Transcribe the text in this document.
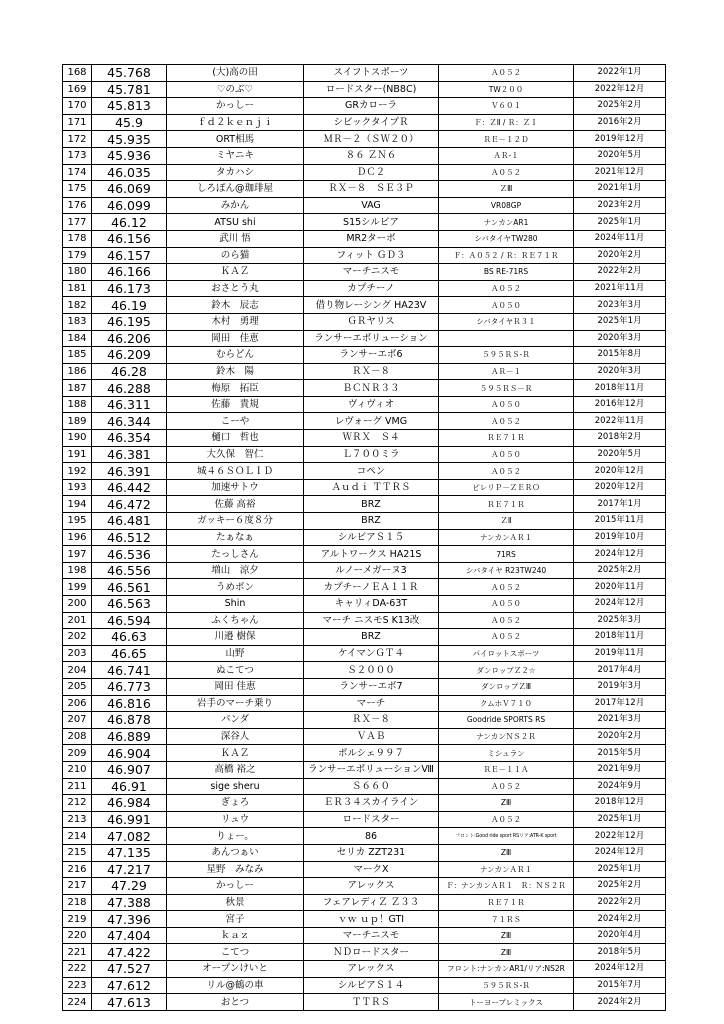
168	45.768	(大)高の田	スイフトスポーツ	Ａ０５２	2022年1月
169	45.781	♡のぶ♡	ロードスター(NB8C)	TW２００	2022年12月
170	45.813	かっしー	GRカローラ	Ｖ６０１	2025年2月
171	45.9	ｆｄ２ｋｅｎｊｉ	シビックタイプＲ	Ｆ：ＺⅡ / Ｒ：ＺＩ	2016年2月
172	45.935	ORT相馬	ＭＲ－２（ＳＷ２０）	ＲＥ－１２Ｄ	2019年12月
173	45.936	ミヤニキ	８６ ＺＮ６	ＡＲ-１	2020年5月
174	46.035	タカハシ	ＤＣ２	Ａ０５２	2021年12月
175	46.069	しろぽん@珈琲屋	ＲＸ－８　ＳＥ３Ｐ	ＺⅢ	2021年1月
176	46.099	みかん	VAG	VR08GP	2023年2月
177	46.12	ATSU shi	S15シルビア	ナンカンAR1	2025年1月
178	46.156	武川 悟	MR2ターボ	シバタイヤTW280	2024年11月
179	46.157	のら猫	フィット ＧＤ３	Ｆ：Ａ０５２ / Ｒ：ＲＥ７１Ｒ	2020年2月
180	46.166	ＫＡＺ	マーチニスモ	BS RE-71RS	2022年2月
181	46.173	おさとう丸	カプチーノ	Ａ０５２	2021年11月
182	46.19	鈴木　辰志	借り物レーシング HA23V	Ａ０５０	2023年3月
183	46.195	木村　勇理	ＧＲヤリス	シバタイヤＲ３１	2025年1月
184	46.206	岡田　佳恵	ランサーエボリューション		2020年3月
185	46.209	むらどん	ランサーエボ6	５９５ＲＳ-Ｒ	2015年8月
186	46.28	鈴木　陽	ＲＸ－８	ＡＲ－１	2020年3月
187	46.288	梅原　拓臣	ＢＣＮＲ３３	５９５ＲＳ－Ｒ	2018年11月
188	46.311	佐藤　貴規	ヴィヴィオ	Ａ０５０	2016年12月
189	46.344	こーや	レヴォーグ VMG	Ａ０５２	2022年11月
190	46.354	樋口　哲也	ＷＲＸ　Ｓ４	ＲＥ７１Ｒ	2018年2月
191	46.381	大久保　智仁	Ｌ７００ミラ	Ａ０５０	2020年5月
192	46.391	城４６ＳＯＬＩＤ	コペン	Ａ０５２	2020年12月
193	46.442	加速サトウ	Ａｕｄｉ ＴＴＲＳ	ピレリＰ－ＺＥＲＯ	2020年12月
194	46.472	佐藤 高裕	BRZ	ＲＥ７１Ｒ	2017年1月
195	46.481	ガッキー６度８分	BRZ	ＺⅡ	2015年11月
196	46.512	たぁなぁ	シルビアＳ１５	ナンカンＡＲ１	2019年10月
197	46.536	たっしさん	アルトワークス HA21S	71RS	2024年12月
198	46.556	増山　涼夕	ルノーメガーヌ3	シバタイヤ R23TW240	2025年2月
199	46.561	うめポン	カプチーノＥＡ１１Ｒ	Ａ０５２	2020年11月
200	46.563	Shin	キャリィDA-63T	Ａ０５０	2024年12月
201	46.594	ふくちゃん	マーチ ニスモS K13改	Ａ０５２	2025年3月
202	46.63	川邉 樹保	BRZ	Ａ０５２	2018年11月
203	46.65	山野	ケイマンＧＴ４	パイロットスポーツ	2019年11月
204	46.741	ぬこてつ	Ｓ２０００	ダンロップＺ２☆	2017年4月
205	46.773	岡田 佳恵	ランサーエボ7	ダンロップＺⅢ	2019年3月
206	46.816	岩手のマーチ乗り	マーチ	クムホＶ７１０	2017年12月
207	46.878	パンダ	ＲＸ－８	Goodride SPORTS RS	2021年3月
208	46.889	深谷人	ＶＡＢ	ナンカンＮＳ２Ｒ	2020年2月
209	46.904	ＫＡＺ	ポルシェ９９７	ミシュラン	2015年5月
210	46.907	高橋 裕之	ランサーエボリューションⅧ	ＲＥ－１１Ａ	2021年9月
211	46.91	sige sheru	Ｓ６６０	Ａ０５２	2024年9月
212	46.984	ぎょろ	ＥＲ３４スカイライン	ZⅢ	2018年12月
213	46.991	リュウ	ロードスター	Ａ０５２	2025年1月
214	47.082	りょー。	86	フロント:Good ride sport RSリア:ATR-K sport	2022年12月
215	47.135	あんつぁい	セリカ ZZT231	ZⅢ	2024年12月
216	47.217	星野　みなみ	マークX	ナンカンＡＲ１	2025年1月
217	47.29	かっしー	アレックス	Ｆ：ナンカンＡＲ１　Ｒ：ＮＳ２Ｒ	2025年2月
218	47.388	秋景	フェアレディＺ Ｚ３３	ＲＥ７１Ｒ	2022年2月
219	47.396	宮子	ｖｗ ｕｐ！GTI	７１ＲＳ	2024年2月
220	47.404	ｋａｚ	マーチニスモ	ZⅢ	2020年4月
221	47.422	こてつ	ＮＤロードスター	ZⅢ	2018年5月
222	47.527	オープンけいと	アレックス	フロント:ナンカンAR1/リア:NS2R	2024年12月
223	47.612	リル@鶴の車	シルビアＳ１４	５９５ＲＳ-Ｒ	2015年7月
224	47.613	おとつ	ＴＴＲＳ	トーヨープレミックス	2024年2月
